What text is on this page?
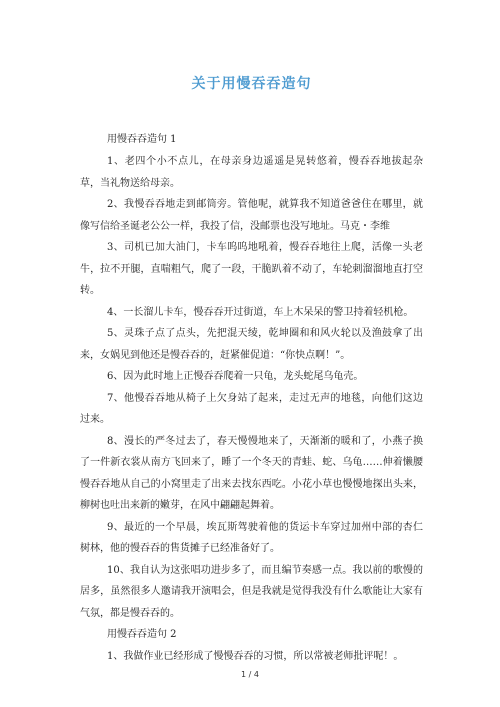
关于用慢吞吞造句

用慢吞吞造句 1

1、老四个小不点儿，在母亲身边遥遥是晃转悠着，慢吞吞地拔起杂草，当礼物送给母亲。

2、我慢吞吞地走到邮筒旁。管他呢，就算我不知道爸爸住在哪里，就像写信给圣诞老公公一样，我投了信，没邮票也没写地址。马克・李维

3、司机已加大油门，卡车呜呜地吼着，慢吞吞地往上爬，活像一头老牛，拉不开腿，直喘粗气，爬了一段，干脆趴着不动了，车轮刺溜溜地直打空转。

4、一长溜儿卡车，慢吞吞开过街道，车上木呆呆的警卫持着轻机枪。

5、灵珠子点了点头，先把混天绫，乾坤圈和和风火轮以及渔鼓拿了出来，女娲见到他还是慢吞吞的，赶紧催促道：“你快点啊！”。

6、因为此时地上正慢吞吞爬着一只龟，龙头蛇尾乌龟壳。

7、他慢吞吞地从椅子上欠身站了起来，走过无声的地毯，向他们这边过来。

8、漫长的严冬过去了，春天慢慢地来了，天渐渐的暖和了，小燕子换了一件新衣裳从南方飞回来了，睡了一个冬天的青蛙、蛇、乌龟……伸着懒腰慢吞吞地从自己的小窝里走了出来去找东西吃。小花小草也慢慢地探出头来，柳树也吐出来新的嫩芽，在风中翩翩起舞着。

9、最近的一个早晨，埃瓦斯驾驶着他的货运卡车穿过加州中部的杏仁树林，他的慢吞吞的售货摊子已经准备好了。

10、我自认为这张唱功进步多了，而且编节奏感一点。我以前的歌慢的居多，虽然很多人邀请我开演唱会，但是我就是觉得我没有什么歌能让大家有气氛，都是慢吞吞的。

用慢吞吞造句 2

1、我做作业已经形成了慢慢吞吞的习惯，所以常被老师批评呢！。

1 / 4
